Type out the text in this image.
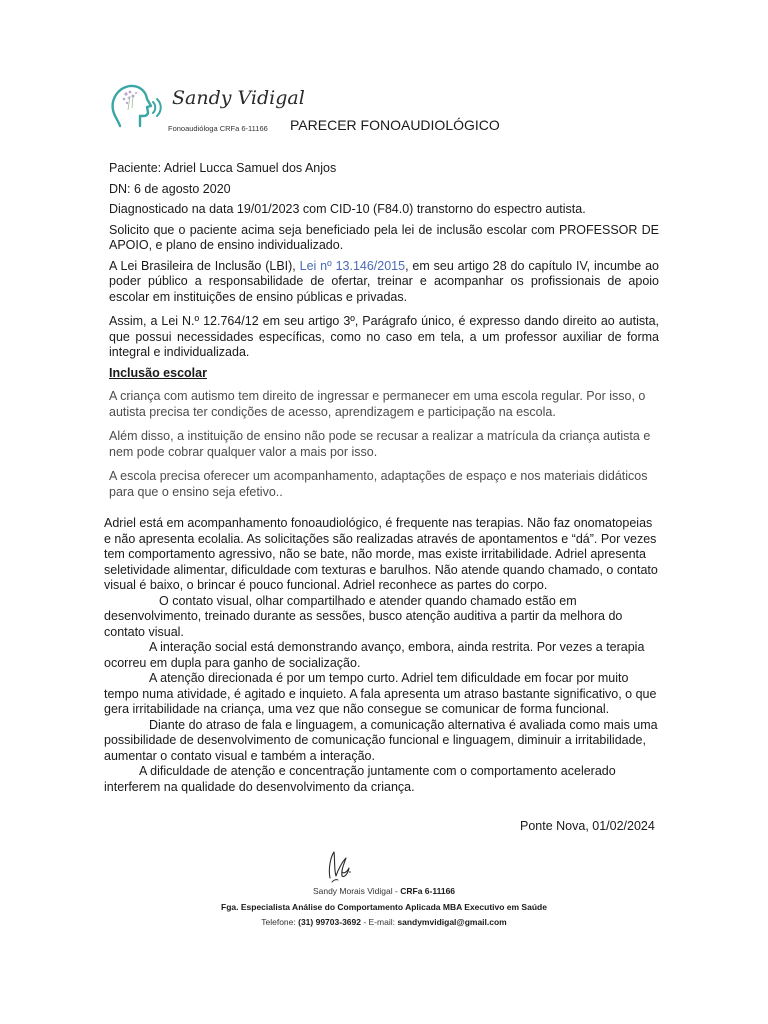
Sandy Vidigal
Fonoaudióloga CRFa 6-11166 PARECER FONOAUDIOLÓGICO

Paciente: Adriel Lucca Samuel dos Anjos

DN: 6 de agosto 2020

Diagnosticado na data 19/01/2023 com CID-10 (F84.0) transtorno do espectro autista.

Solicito que o paciente acima seja beneficiado pela lei de inclusão escolar com PROFESSOR DE APOIO, e plano de ensino individualizado.

A Lei Brasileira de Inclusão (LBI), Lei nº 13.146/2015, em seu artigo 28 do capítulo IV, incumbe ao poder público a responsabilidade de ofertar, treinar e acompanhar os profissionais de apoio escolar em instituições de ensino públicas e privadas.

Assim, a Lei N.º 12.764/12 em seu artigo 3º, Parágrafo único, é expresso dando direito ao autista, que possui necessidades específicas, como no caso em tela, a um professor auxiliar de forma integral e individualizada.

Inclusão escolar

A criança com autismo tem direito de ingressar e permanecer em uma escola regular. Por isso, o autista precisa ter condições de acesso, aprendizagem e participação na escola.

Além disso, a instituição de ensino não pode se recusar a realizar a matrícula da criança autista e nem pode cobrar qualquer valor a mais por isso.

A escola precisa oferecer um acompanhamento, adaptações de espaço e nos materiais didáticos para que o ensino seja efetivo..

Adriel está em acompanhamento fonoaudiológico, é frequente nas terapias. Não faz onomatopeias e não apresenta ecolalia. As solicitações são realizadas através de apontamentos e “dá”. Por vezes tem comportamento agressivo, não se bate, não morde, mas existe irritabilidade. Adriel apresenta seletividade alimentar, dificuldade com texturas e barulhos. Não atende quando chamado, o contato visual é baixo, o brincar é pouco funcional. Adriel reconhece as partes do corpo.

O contato visual, olhar compartilhado e atender quando chamado estão em desenvolvimento, treinado durante as sessões, busco atenção auditiva a partir da melhora do contato visual.

A interação social está demonstrando avanço, embora, ainda restrita. Por vezes a terapia ocorreu em dupla para ganho de socialização.

A atenção direcionada é por um tempo curto. Adriel tem dificuldade em focar por muito tempo numa atividade, é agitado e inquieto. A fala apresenta um atraso bastante significativo, o que gera irritabilidade na criança, uma vez que não consegue se comunicar de forma funcional.

Diante do atraso de fala e linguagem, a comunicação alternativa é avaliada como mais uma possibilidade de desenvolvimento de comunicação funcional e linguagem, diminuir a irritabilidade, aumentar o contato visual e também a interação.

A dificuldade de atenção e concentração juntamente com o comportamento acelerado interferem na qualidade do desenvolvimento da criança.

Ponte Nova, 01/02/2024
Sandy Morais Vidigal - CRFa 6-11166
Fga. Especialista Análise do Comportamento Aplicada MBA Executivo em Saúde
Telefone: (31) 99703-3692 - E-mail: sandymvidigal@gmail.com
